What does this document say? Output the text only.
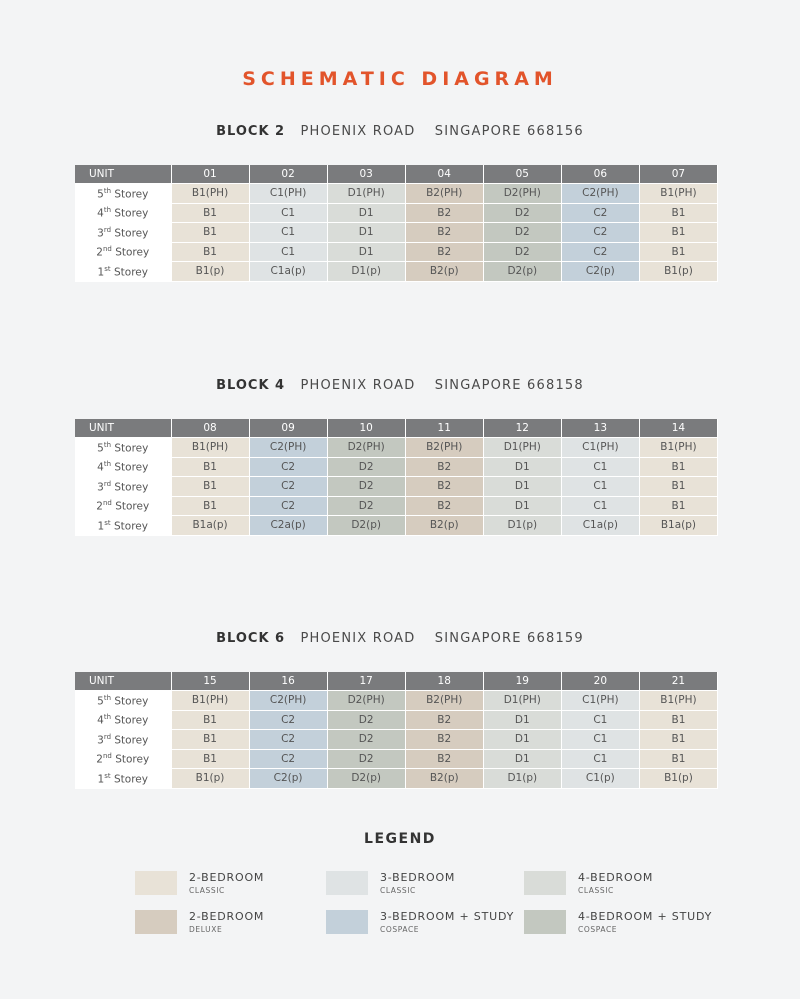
SCHEMATIC DIAGRAM
BLOCK 2 PHOENIX ROAD SINGAPORE 668156
UNIT	01	02	03	04	05	06	07
5th Storey	B1(PH)	C1(PH)	D1(PH)	B2(PH)	D2(PH)	C2(PH)	B1(PH)
4th Storey	B1	C1	D1	B2	D2	C2	B1
3rd Storey	B1	C1	D1	B2	D2	C2	B1
2nd Storey	B1	C1	D1	B2	D2	C2	B1
1st Storey	B1(p)	C1a(p)	D1(p)	B2(p)	D2(p)	C2(p)	B1(p)
BLOCK 4 PHOENIX ROAD SINGAPORE 668158
UNIT	08	09	10	11	12	13	14
5th Storey	B1(PH)	C2(PH)	D2(PH)	B2(PH)	D1(PH)	C1(PH)	B1(PH)
4th Storey	B1	C2	D2	B2	D1	C1	B1
3rd Storey	B1	C2	D2	B2	D1	C1	B1
2nd Storey	B1	C2	D2	B2	D1	C1	B1
1st Storey	B1a(p)	C2a(p)	D2(p)	B2(p)	D1(p)	C1a(p)	B1a(p)
BLOCK 6 PHOENIX ROAD SINGAPORE 668159
UNIT	15	16	17	18	19	20	21
5th Storey	B1(PH)	C2(PH)	D2(PH)	B2(PH)	D1(PH)	C1(PH)	B1(PH)
4th Storey	B1	C2	D2	B2	D1	C1	B1
3rd Storey	B1	C2	D2	B2	D1	C1	B1
2nd Storey	B1	C2	D2	B2	D1	C1	B1
1st Storey	B1(p)	C2(p)	D2(p)	B2(p)	D1(p)	C1(p)	B1(p)
LEGEND
2-BEDROOM
CLASSIC
3-BEDROOM
CLASSIC
4-BEDROOM
CLASSIC
2-BEDROOM
DELUXE
3-BEDROOM + STUDY
COSPACE
4-BEDROOM + STUDY
COSPACE
